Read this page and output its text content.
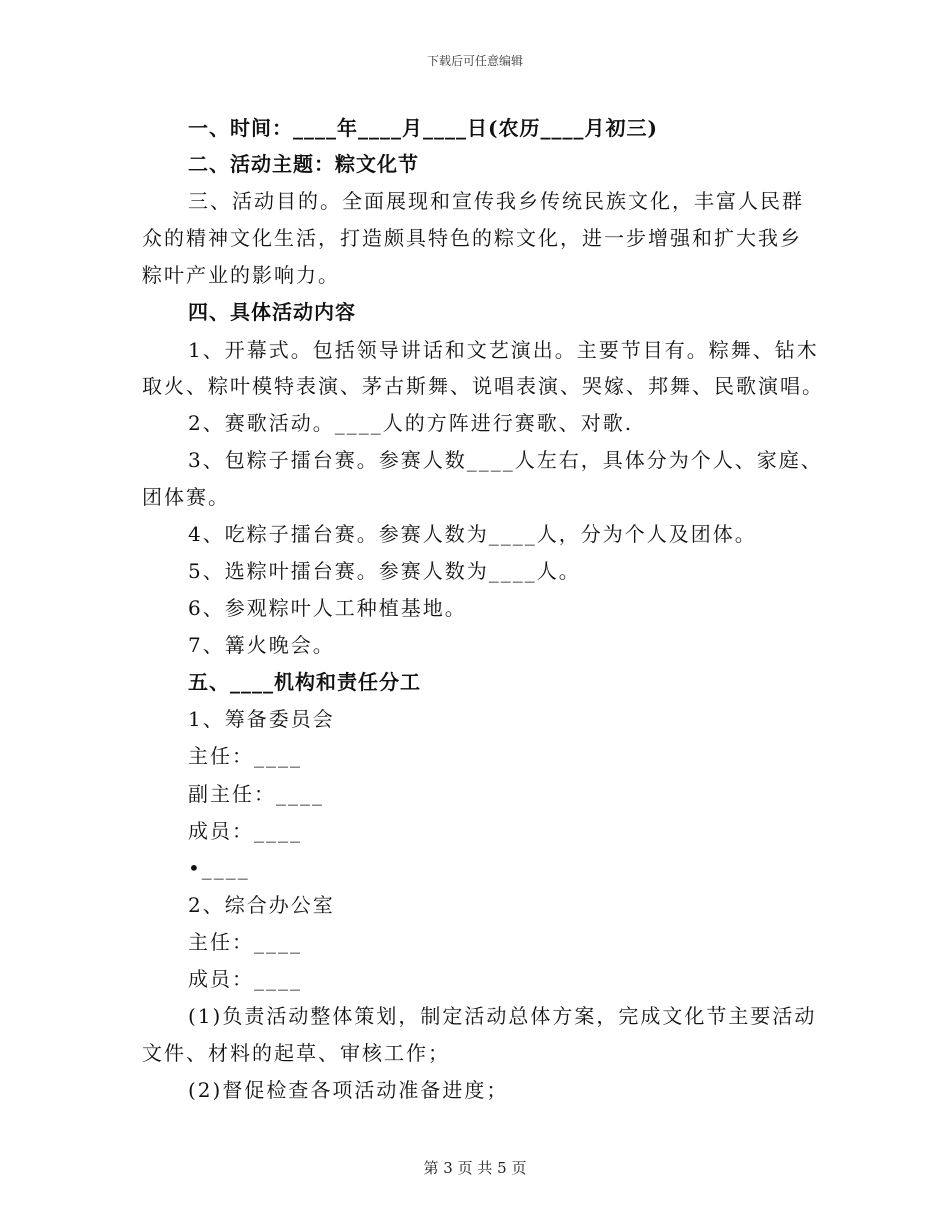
下载后可任意编辑
一、时间：____年____月____日(农历____月初三)
二、活动主题：粽文化节
三、活动目的。全面展现和宣传我乡传统民族文化，丰富人民群
众的精神文化生活，打造颇具特色的粽文化，进一步增强和扩大我乡
粽叶产业的影响力。
四、具体活动内容
1、开幕式。包括领导讲话和文艺演出。主要节目有。粽舞、钻木
取火、粽叶模特表演、茅古斯舞、说唱表演、哭嫁、邦舞、民歌演唱。
2、赛歌活动。____人的方阵进行赛歌、对歌.
3、包粽子擂台赛。参赛人数____人左右，具体分为个人、家庭、
团体赛。
4、吃粽子擂台赛。参赛人数为____人，分为个人及团体。
5、选粽叶擂台赛。参赛人数为____人。
6、参观粽叶人工种植基地。
7、篝火晚会。
五、____机构和责任分工
1、筹备委员会
主任：____
副主任：____
成员：____
•____
2、综合办公室
主任：____
成员：____
(1)负责活动整体策划，制定活动总体方案，完成文化节主要活动
文件、材料的起草、审核工作；
(2)督促检查各项活动准备进度；
第 3 页 共 5 页
